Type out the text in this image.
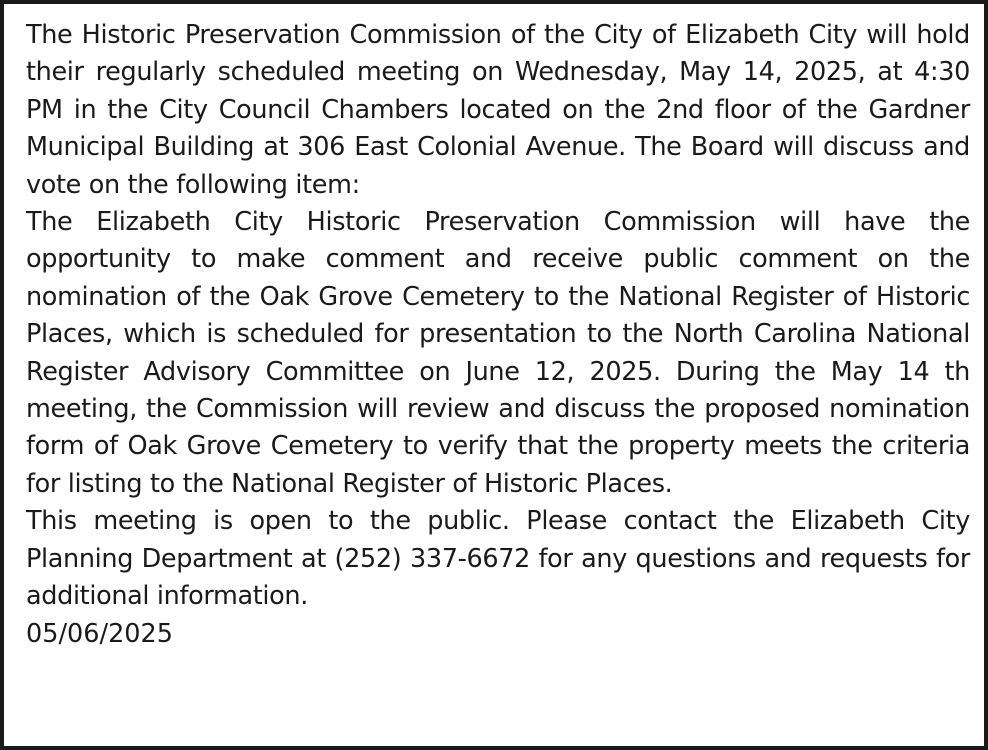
The Historic Preservation Commission of the City of Elizabeth City will hold their regularly scheduled meeting on Wednesday, May 14, 2025, at 4:30 PM in the City Council Chambers located on the 2nd floor of the Gardner Municipal Building at 306 East Colonial Avenue. The Board will discuss and vote on the following item:

The Elizabeth City Historic Preservation Commission will have the opportunity to make comment and receive public comment on the nomination of the Oak Grove Cemetery to the National Register of Historic Places, which is scheduled for presentation to the North Carolina National Register Advisory Committee on June 12, 2025. During the May 14 th meeting, the Commission will review and discuss the proposed nomination form of Oak Grove Cemetery to verify that the property meets the criteria for listing to the National Register of Historic Places.

This meeting is open to the public. Please contact the Elizabeth City Planning Department at (252) 337-6672 for any questions and requests for additional information.

05/06/2025
